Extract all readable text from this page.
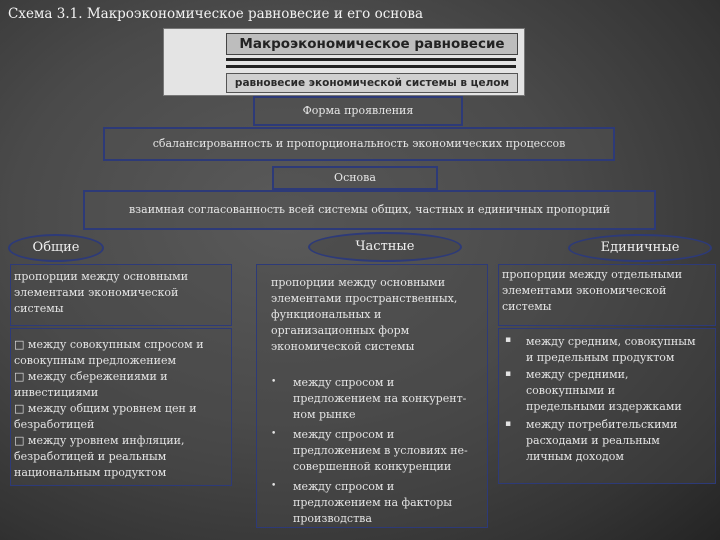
Схема 3.1. Макроэкономическое равновесие и его основа
Макроэкономическое равновесие
равновесие экономической системы в целом
Форма проявления
сбалансированность и пропорциональность экономических процессов
Основа
взаимная согласованность всей системы общих, частных и единичных пропорций
Общие	Частные	Единичные
пропорции между основными
элементами экономической
системы
□ между совокупным спросом и
совокупным предложением
□ между сбережениями и
инвестициями
□ между общим уровнем цен и
безработицей
□ между уровнем инфляции,
безработицей и реальным
национальным продуктом
пропорции между основными
элементами пространственных,
функциональных и
организационных форм
экономической системы
• между спросом и
предложением на конкурент-
ном рынке
• между спросом и
предложением в условиях не-
совершенной конкуренции
• между спросом и
предложением на факторы
производства
пропорции между отдельными
элементами экономической
системы
▪ между средним, совокупным
и предельным продуктом
▪ между средними,
совокупными и
предельными издержками
▪ между потребительскими
расходами и реальным
личным доходом
